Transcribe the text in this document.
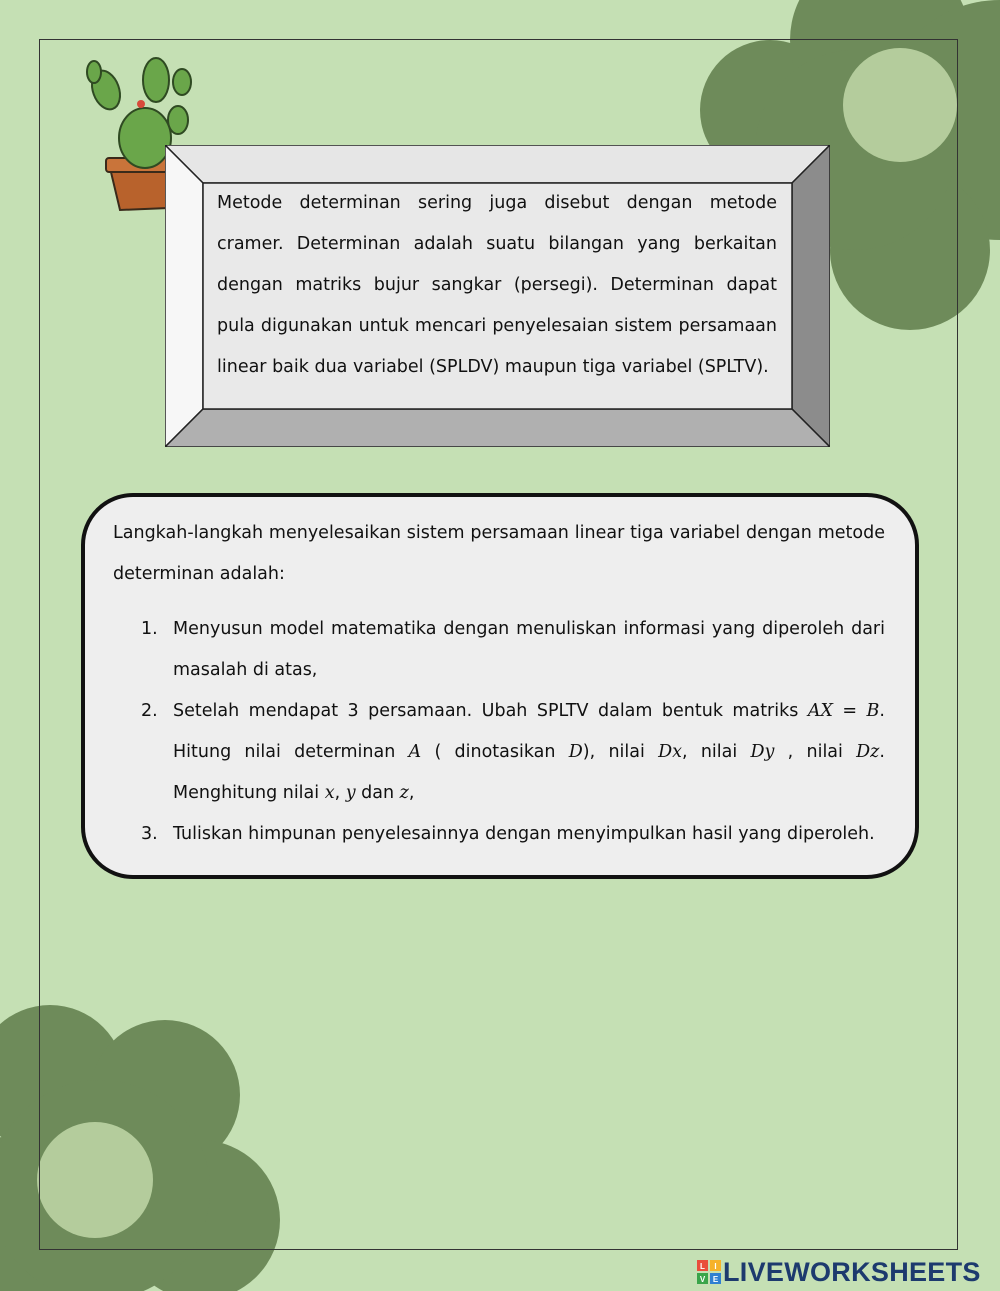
Metode determinan sering juga disebut dengan metode cramer. Determinan adalah suatu bilangan yang berkaitan dengan matriks bujur sangkar (persegi). Determinan dapat pula digunakan untuk mencari penyelesaian sistem persamaan linear baik dua variabel (SPLDV) maupun tiga variabel (SPLTV).

Langkah-langkah menyelesaikan sistem persamaan linear tiga variabel dengan metode determinan adalah:
1. Menyusun model matematika dengan menuliskan informasi yang diperoleh dari masalah di atas,
2. Setelah mendapat 3 persamaan. Ubah SPLTV dalam bentuk matriks AX = B. Hitung nilai determinan A ( dinotasikan D), nilai Dx, nilai Dy , nilai Dz. Menghitung nilai x, y dan z,
3. Tuliskan himpunan penyelesainnya dengan menyimpulkan hasil yang diperoleh.
L I
V E LIVEWORKSHEETS
